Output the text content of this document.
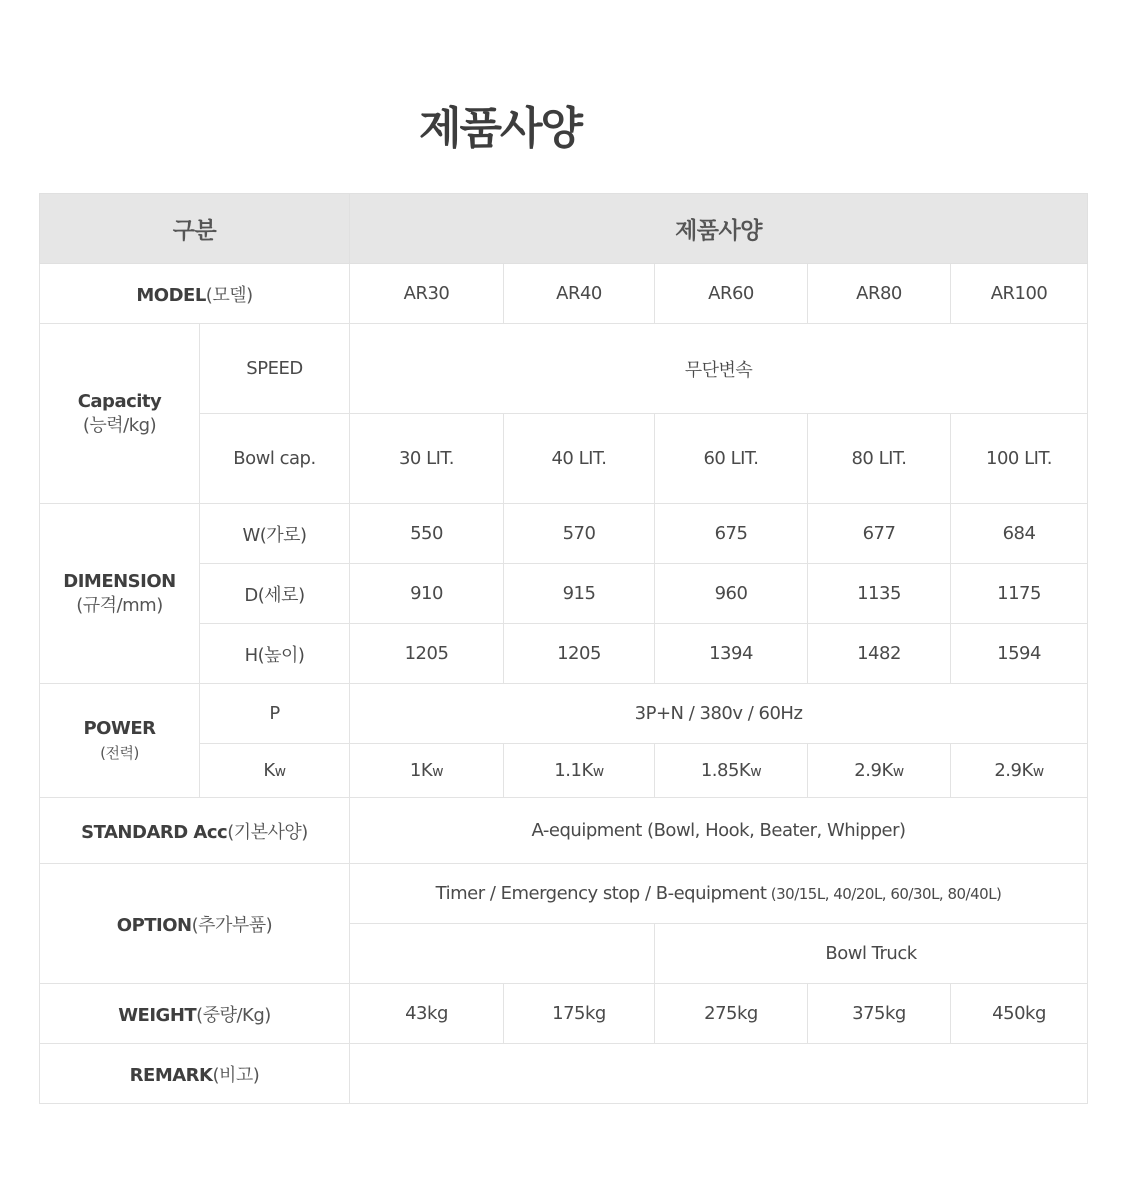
제품사양
구분		제품사양				
MODEL(모델)		AR30	AR40	AR60	AR80	AR100

Capacity
(능력/kg)	SPEED	무단변속				
	Bowl cap.	30 LIT.	40 LIT.	60 LIT.	80 LIT.	100 LIT.

DIMENSION
(규격/mm)	W(가로)	550	570	675	677	684
	D(세로)	910	915	960	1135	1175
	H(높이)	1205	1205	1394	1482	1594

POWER
(전력)	P	3P+N / 380v / 60Hz				
	Kw	1Kw	1.1Kw	1.85Kw	2.9Kw	2.9Kw
STANDARD Acc(기본사양)		A-equipment (Bowl, Hook, Beater, Whipper)				
OPTION(추가부품)		Timer / Emergency stop / B-equipment (30/15L, 40/20L, 60/30L, 80/40L)				
				Bowl Truck		
WEIGHT(중량/Kg)		43kg	175kg	275kg	375kg	450kg
REMARK(비고)						
